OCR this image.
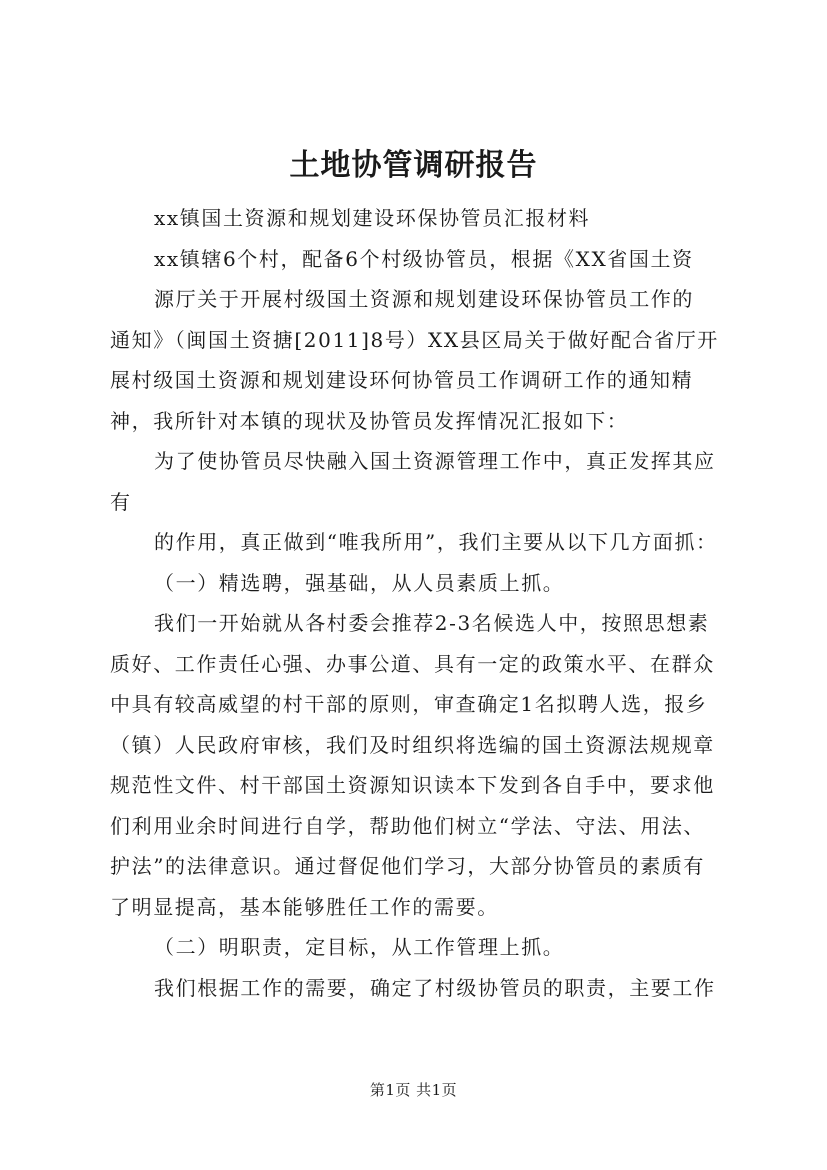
土地协管调研报告
xx镇国土资源和规划建设环保协管员汇报材料
xx镇辖6个村，配备6个村级协管员，根据《XX省国土资
源厅关于开展村级国土资源和规划建设环保协管员工作的
通知》（闽国土资搪[2011]8号）XX县区局关于做好配合省厅开
展村级国土资源和规划建设环何协管员工作调研工作的通知精
神，我所针对本镇的现状及协管员发挥情况汇报如下：
为了使协管员尽快融入国土资源管理工作中，真正发挥其应
有
的作用，真正做到“唯我所用”，我们主要从以下几方面抓：
（一）精选聘，强基础，从人员素质上抓。
我们一开始就从各村委会推荐2-3名候选人中，按照思想素
质好、工作责任心强、办事公道、具有一定的政策水平、在群众
中具有较高威望的村干部的原则，审查确定1名拟聘人选，报乡
（镇）人民政府审核，我们及时组织将选编的国土资源法规规章
规范性文件、村干部国土资源知识读本下发到各自手中，要求他
们利用业余时间进行自学，帮助他们树立“学法、守法、用法、
护法”的法律意识。通过督促他们学习，大部分协管员的素质有
了明显提高，基本能够胜任工作的需要。
（二）明职责，定目标，从工作管理上抓。
我们根据工作的需要，确定了村级协管员的职责，主要工作
第1页 共1页
